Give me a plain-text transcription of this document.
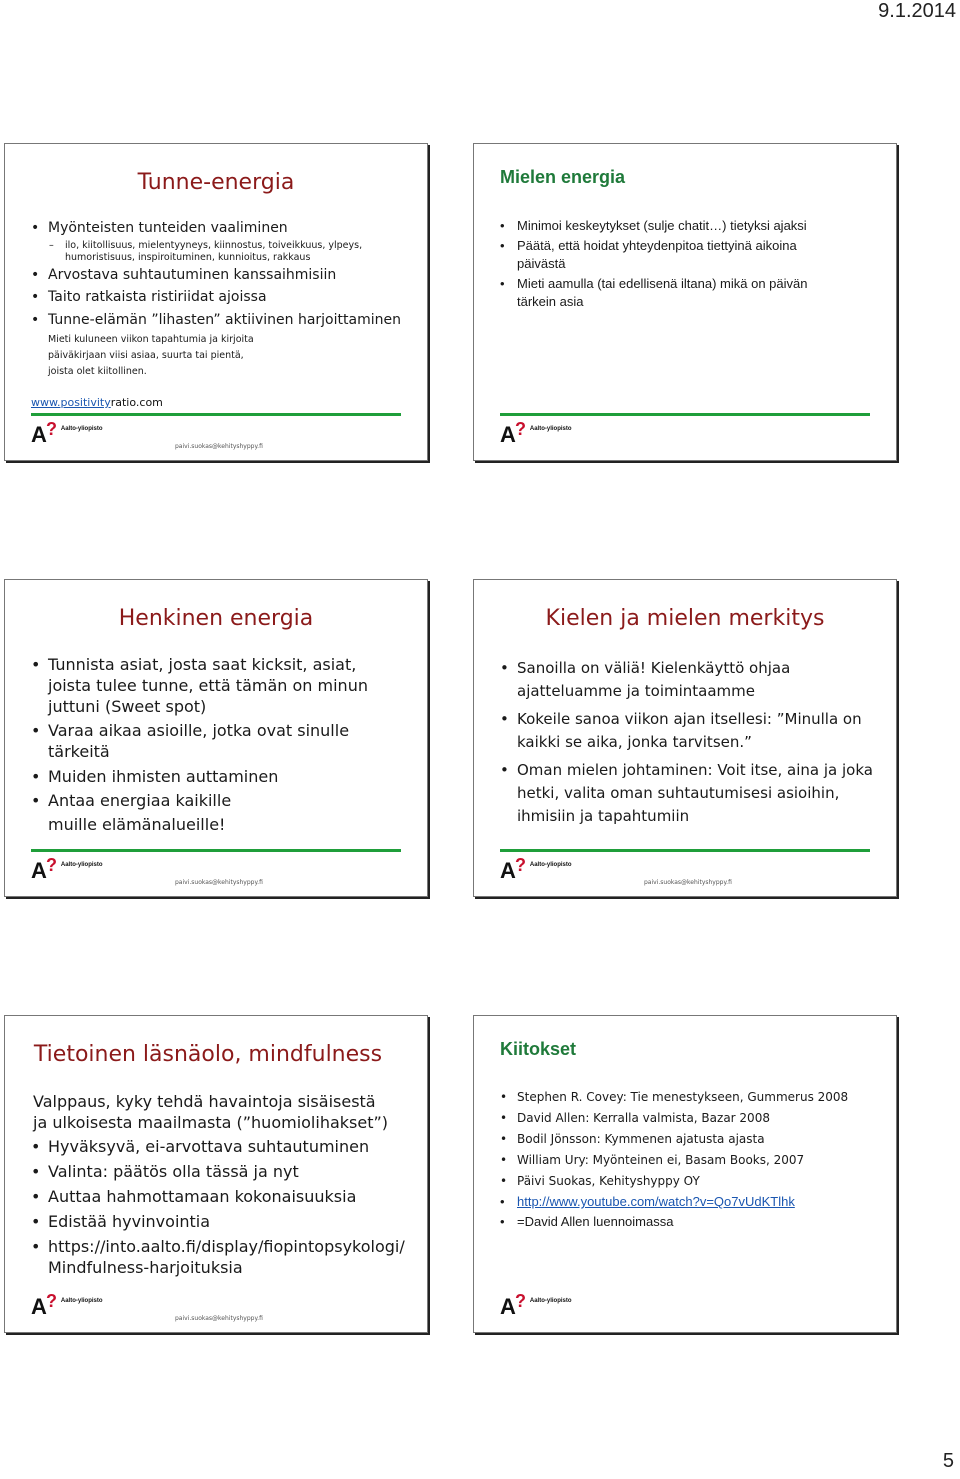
9.1.2014
Tunne-energia
• Myönteisten tunteiden vaaliminen
– ilo, kiitollisuus, mielentyyneys, kiinnostus, toiveikkuus, ylpeys, humoristisuus, inspiroituminen, kunnioitus, rakkaus
• Arvostava suhtautuminen kanssaihmisiin
• Taito ratkaista ristiriidat ajoissa
• Tunne-elämän ”lihasten” aktiivinen harjoittaminen
Mieti kuluneen viikon tapahtumia ja kirjoita päiväkirjaan viisi asiaa, suurta tai pientä, joista olet kiitollinen.
www.positivityratio.com
A ? Aalto-yliopisto
paivi.suokas@kehityshyppy.fi
Mielen energia
• Minimoi keskeytykset (sulje chatit…) tietyksi ajaksi
• Päätä, että hoidat yhteydenpitoa tiettyinä aikoina päivästä
• Mieti aamulla (tai edellisenä iltana) mikä on päivän tärkein asia
A ? Aalto-yliopisto
Henkinen energia
• Tunnista asiat, josta saat kicksit, asiat, joista tulee tunne, että tämän on minun juttuni (Sweet spot)
• Varaa aikaa asioille, jotka ovat sinulle tärkeitä
• Muiden ihmisten auttaminen
• Antaa energiaa kaikille muille elämänalueille!
A ? Aalto-yliopisto
paivi.suokas@kehityshyppy.fi
Kielen ja mielen merkitys
• Sanoilla on väliä! Kielenkäyttö ohjaa ajatteluamme ja toimintaamme
• Kokeile sanoa viikon ajan itsellesi: ”Minulla on kaikki se aika, jonka tarvitsen.”
• Oman mielen johtaminen: Voit itse, aina ja joka hetki, valita oman suhtautumisesi asioihin, ihmisiin ja tapahtumiin
A ? Aalto-yliopisto
paivi.suokas@kehityshyppy.fi
Tietoinen läsnäolo, mindfulness
Valppaus, kyky tehdä havaintoja sisäisestä ja ulkoisesta maailmasta (”huomiolihakset”)
• Hyväksyvä, ei-arvottava suhtautuminen
• Valinta: päätös olla tässä ja nyt
• Auttaa hahmottamaan kokonaisuuksia
• Edistää hyvinvointia
• https://into.aalto.fi/display/fiopintopsykologi/ Mindfulness-harjoituksia
A ? Aalto-yliopisto
paivi.suokas@kehityshyppy.fi
Kiitokset
• Stephen R. Covey: Tie menestykseen, Gummerus 2008
• David Allen: Kerralla valmista, Bazar 2008
• Bodil Jönsson: Kymmenen ajatusta ajasta
• William Ury: Myönteinen ei, Basam Books, 2007
• Päivi Suokas, Kehityshyppy OY
• http://www.youtube.com/watch?v=Qo7vUdKTlhk
• =David Allen luennoimassa
A ? Aalto-yliopisto
5
